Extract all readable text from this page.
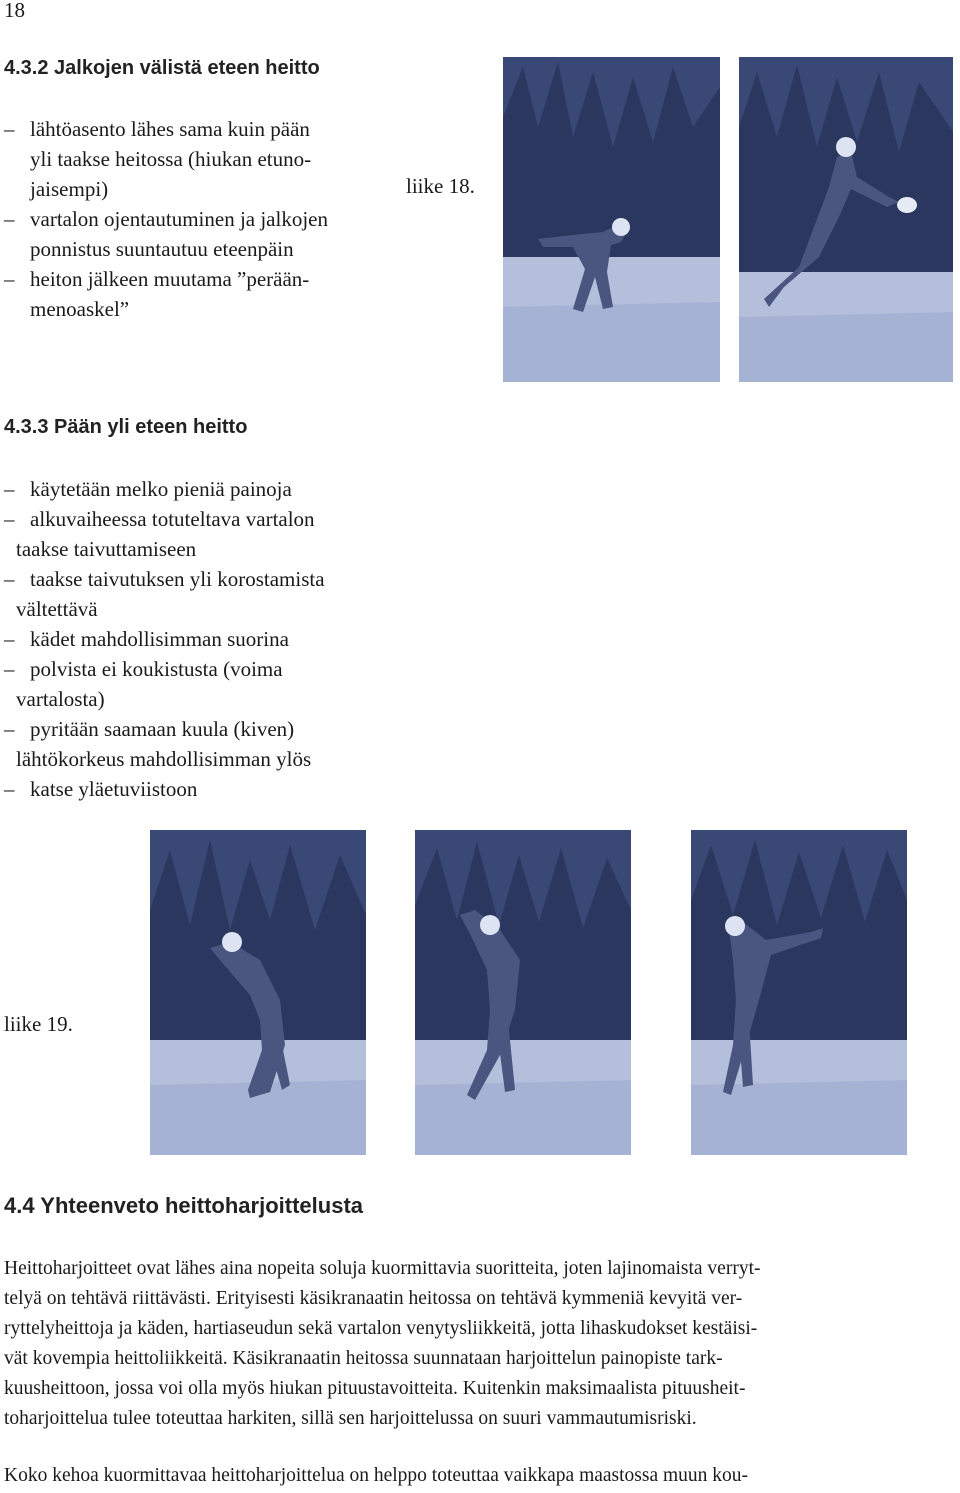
18
4.3.2 Jalkojen välistä eteen heitto
– lähtöasento lähes sama kuin pään
yli taakse heitossa (hiukan etuno-
jaisempi)
– vartalon ojentautuminen ja jalkojen
ponnistus suuntautuu eteenpäin
– heiton jälkeen muutama ”perään-
menoaskel”
liike 18.
4.3.3 Pään yli eteen heitto
– käytetään melko pieniä painoja
– alkuvaiheessa totuteltava vartalon
taakse taivuttamiseen
– taakse taivutuksen yli korostamista
vältettävä
– kädet mahdollisimman suorina
– polvista ei koukistusta (voima
vartalosta)
– pyritään saamaan kuula (kiven)
lähtökorkeus mahdollisimman ylös
– katse yläetuviistoon
liike 19.
4.4 Yhteenveto heittoharjoittelusta
Heittoharjoitteet ovat lähes aina nopeita soluja kuormittavia suoritteita, joten lajinomaista verryt-
telyä on tehtävä riittävästi. Erityisesti käsikranaatin heitossa on tehtävä kymmeniä kevyitä ver-
ryttelyheittoja ja käden, hartiaseudun sekä vartalon venytysliikkeitä, jotta lihaskudokset kestäisi-
vät kovempia heittoliikkeitä. Käsikranaatin heitossa suunnataan harjoittelun painopiste tark-
kuusheittoon, jossa voi olla myös hiukan pituustavoitteita. Kuitenkin maksimaalista pituusheit-
toharjoittelua tulee toteuttaa harkiten, sillä sen harjoittelussa on suuri vammautumisriski.
Koko kehoa kuormittavaa heittoharjoittelua on helppo toteuttaa vaikkapa maastossa muun kou-
